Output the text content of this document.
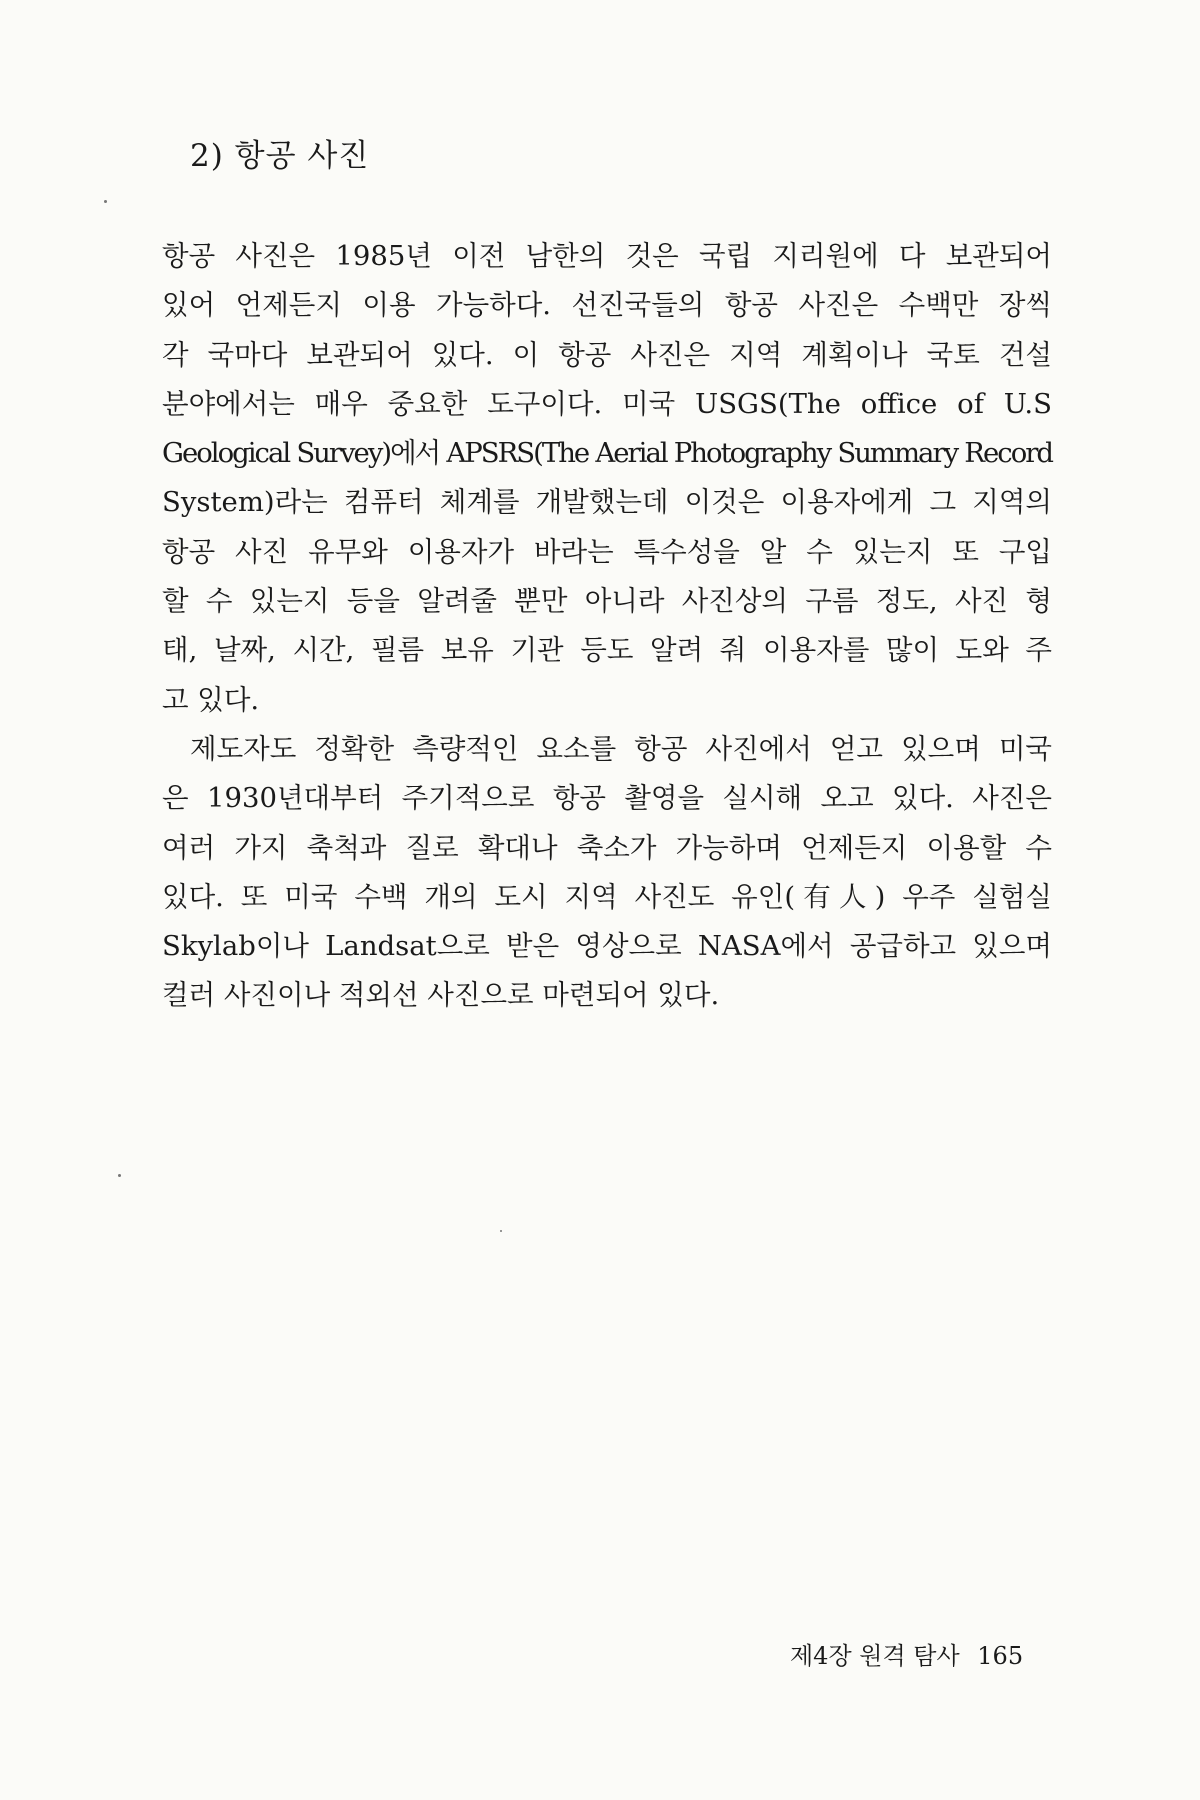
2) 항공 사진
항공 사진은 1985년 이전 남한의 것은 국립 지리원에 다 보관되어
있어 언제든지 이용 가능하다. 선진국들의 항공 사진은 수백만 장씩
각 국마다 보관되어 있다. 이 항공 사진은 지역 계획이나 국토 건설
분야에서는 매우 중요한 도구이다. 미국 USGS(The office of U.S
Geological Survey)에서 APSRS(The Aerial Photography Summary Record
System)라는 컴퓨터 체계를 개발했는데 이것은 이용자에게 그 지역의
항공 사진 유무와 이용자가 바라는 특수성을 알 수 있는지 또 구입
할 수 있는지 등을 알려줄 뿐만 아니라 사진상의 구름 정도, 사진 형
태, 날짜, 시간, 필름 보유 기관 등도 알려 줘 이용자를 많이 도와 주
고 있다.
제도자도 정확한 측량적인 요소를 항공 사진에서 얻고 있으며 미국
은 1930년대부터 주기적으로 항공 촬영을 실시해 오고 있다. 사진은
여러 가지 축척과 질로 확대나 축소가 가능하며 언제든지 이용할 수
있다. 또 미국 수백 개의 도시 지역 사진도 유인(有人) 우주 실험실
Skylab이나 Landsat으로 받은 영상으로 NASA에서 공급하고 있으며
컬러 사진이나 적외선 사진으로 마련되어 있다.
제4장 원격 탐사 165
